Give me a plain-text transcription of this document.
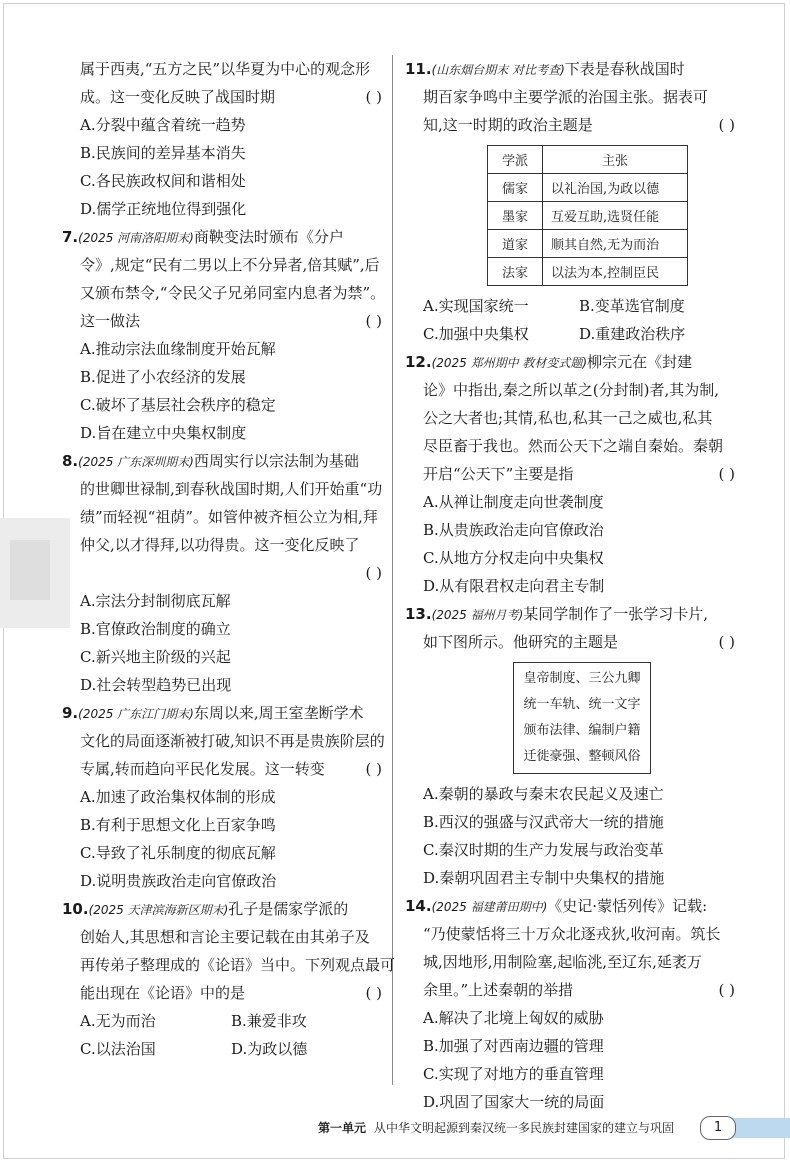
属于西夷,“五方之民”以华夏为中心的观念形
成。这一变化反映了战国时期	( )
A.分裂中蕴含着统一趋势
B.民族间的差异基本消失
C.各民族政权间和谐相处
D.儒学正统地位得到强化
7.(2025 河南洛阳期末)商鞅变法时颁布《分户
令》,规定“民有二男以上不分异者,倍其赋”,后
又颁布禁令,“令民父子兄弟同室内息者为禁”。
这一做法	( )
A.推动宗法血缘制度开始瓦解
B.促进了小农经济的发展
C.破坏了基层社会秩序的稳定
D.旨在建立中央集权制度
8.(2025 广东深圳期末)西周实行以宗法制为基础
的世卿世禄制,到春秋战国时期,人们开始重“功
绩”而轻视“祖荫”。如管仲被齐桓公立为相,拜
仲父,以才得拜,以功得贵。这一变化反映了
( )
A.宗法分封制彻底瓦解
B.官僚政治制度的确立
C.新兴地主阶级的兴起
D.社会转型趋势已出现
9.(2025 广东江门期末)东周以来,周王室垄断学术
文化的局面逐渐被打破,知识不再是贵族阶层的
专属,转而趋向平民化发展。这一转变	( )
A.加速了政治集权体制的形成
B.有利于思想文化上百家争鸣
C.导致了礼乐制度的彻底瓦解
D.说明贵族政治走向官僚政治
10.(2025 天津滨海新区期末)孔子是儒家学派的
创始人,其思想和言论主要记载在由其弟子及
再传弟子整理成的《论语》当中。下列观点最可
能出现在《论语》中的是	( )
A.无为而治	B.兼爱非攻
C.以法治国	D.为政以德
11.(山东烟台期末 对比考查)下表是春秋战国时
期百家争鸣中主要学派的治国主张。据表可
知,这一时期的政治主题是	( )
学派	主张
儒家	以礼治国,为政以德
墨家	互爱互助,选贤任能
道家	顺其自然,无为而治
法家	以法为本,控制臣民
A.实现国家统一	B.变革选官制度
C.加强中央集权	D.重建政治秩序
12.(2025 郑州期中 教材变式题)柳宗元在《封建
论》中指出,秦之所以革之(分封制)者,其为制,
公之大者也;其情,私也,私其一己之威也,私其
尽臣畜于我也。然而公天下之端自秦始。秦朝
开启“公天下”主要是指	( )
A.从禅让制度走向世袭制度
B.从贵族政治走向官僚政治
C.从地方分权走向中央集权
D.从有限君权走向君主专制
13.(2025 福州月考)某同学制作了一张学习卡片,
如下图所示。他研究的主题是	( )
皇帝制度、三公九卿
统一车轨、统一文字
颁布法律、编制户籍
迁徙豪强、整顿风俗
A.秦朝的暴政与秦末农民起义及速亡
B.西汉的强盛与汉武帝大一统的措施
C.秦汉时期的生产力发展与政治变革
D.秦朝巩固君主专制中央集权的措施
14.(2025 福建莆田期中)《史记·蒙恬列传》记载:
“乃使蒙恬将三十万众北逐戎狄,收河南。筑长
城,因地形,用制险塞,起临洮,至辽东,延袤万
余里。”上述秦朝的举措	( )
A.解决了北境上匈奴的威胁
B.加强了对西南边疆的管理
C.实现了对地方的垂直管理
D.巩固了国家大一统的局面
第一单元 从中华文明起源到秦汉统一多民族封建国家的建立与巩固	1
